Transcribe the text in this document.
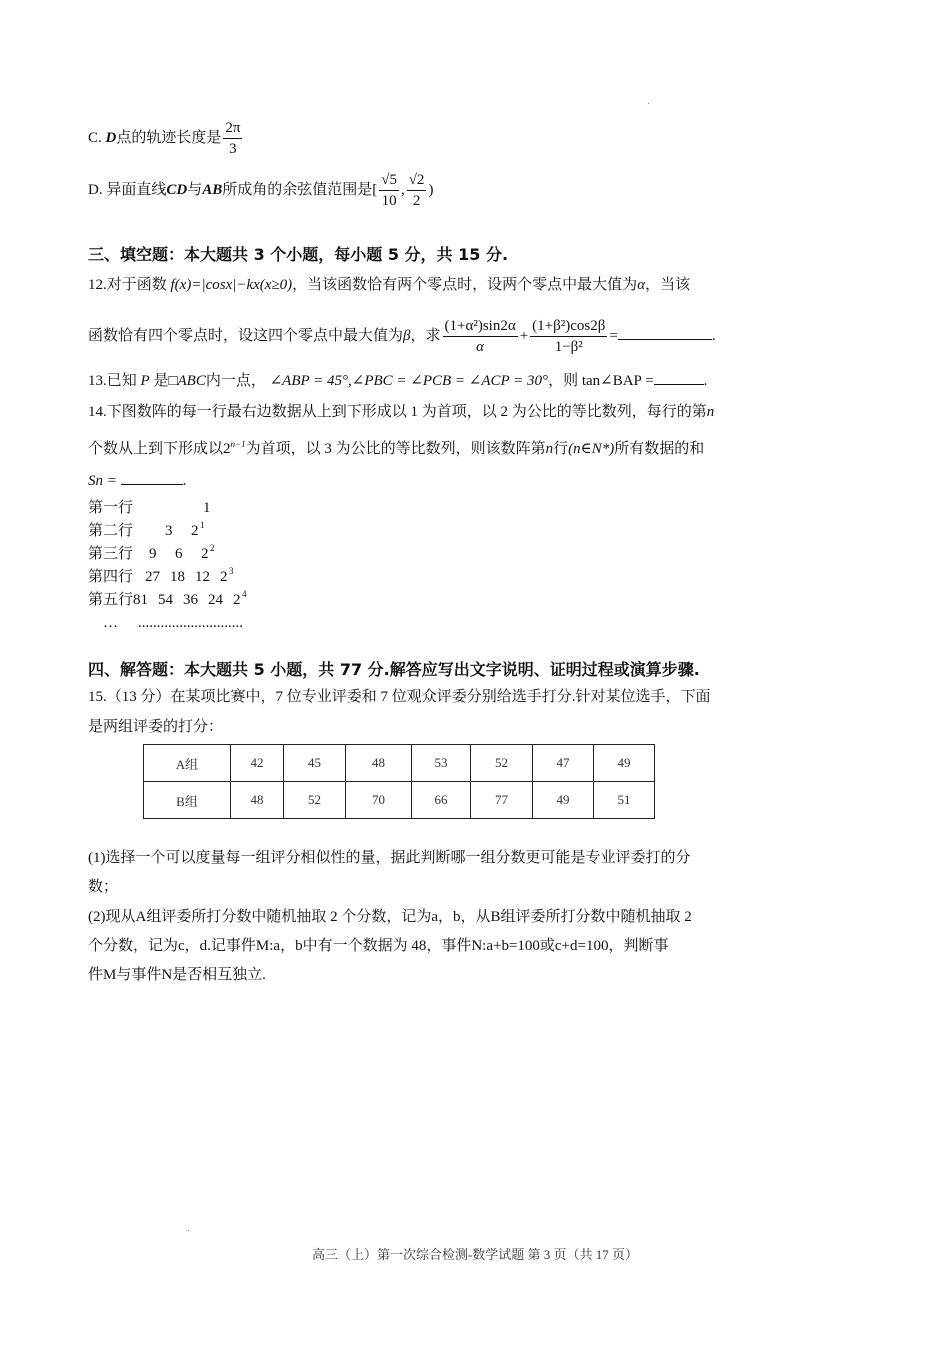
C. D点的轨迹长度是 $\frac{2\pi}{3}$
D. 异面直线CD与AB所成角的余弦值范围是[ $\frac{√5}{10}$ , $\frac{√2}{2}$ )
三、填空题：本大题共 3 个小题，每小题 5 分，共 15 分.
12.对于函数 f(x)=|cosx|−kx(x≥0)，当该函数恰有两个零点时，设两个零点中最大值为α，当该
函数恰有四个零点时，设这四个零点中最大值为β，求 $\frac{\text{(1+α²)sin2α}}{\alpha} + \frac{\text{(1+β²)cos2β}}{\text{1−β²}}$ =	.
13.已知 P 是□ABC内一点， ∠ABP = 45°,∠PBC = ∠PCB = ∠ACP = 30°，则 tan∠BAP =	.
14.下图数阵的每一行最右边数据从上到下形成以 1 为首项，以 2 为公比的等比数列，每行的第n
个数从上到下形成以$2^{n-1}$为首项，以 3 为公比的等比数列，则该数阵第n行(n∈N*)所有数据的和
Sn =	.
第一行	1
第二行 3 2 1
第三行 9 6 2 2
第四行 27 18 12 2 3
第五行 81 54 36 24 2 4
… ............................
四、解答题：本大题共 5 小题，共 77 分.解答应写出文字说明、证明过程或演算步骤.
15.（13 分）在某项比赛中，7 位专业评委和 7 位观众评委分别给选手打分.针对某位选手，下面
是两组评委的打分：
A组	42	45	48	53	52	47	49
B组	48	52	70	66	77	49	51
(1)选择一个可以度量每一组评分相似性的量，据此判断哪一组分数更可能是专业评委打的分
数；
(2)现从A组评委所打分数中随机抽取 2 个分数，记为a，b，从B组评委所打分数中随机抽取 2
个分数，记为c，d.记事件M:a，b中有一个数据为 48，事件N:a+b=100或c+d=100，判断事
件M与事件N是否相互独立.
高三（上）第一次综合检测-数学试题 第 3 页（共 17 页）
